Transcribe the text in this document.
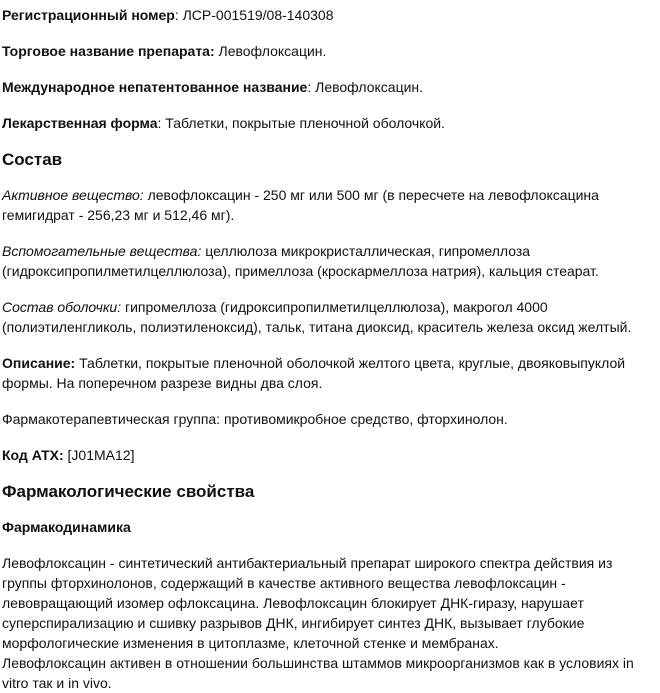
Регистрационный номер: ЛСР-001519/08-140308

Торговое название препарата: Левофлоксацин.

Международное непатентованное название: Левофлоксацин.

Лекарственная форма: Таблетки, покрытые пленочной оболочкой.

Состав

Активное вещество: левофлоксацин - 250 мг или 500 мг (в пересчете на левофлоксацина

гемигидрат - 256,23 мг и 512,46 мг).

Вспомогательные вещества: целлюлоза микрокристаллическая, гипромеллоза

(гидроксипропилметилцеллюлоза), примеллоза (кроскармеллоза натрия), кальция стеарат.

Состав оболочки: гипромеллоза (гидроксипропилметилцеллюлоза), макрогол 4000

(полиэтиленгликоль, полиэтиленоксид), тальк, титана диоксид, краситель железа оксид желтый.

Описание: Таблетки, покрытые пленочной оболочкой желтого цвета, круглые, двояковыпуклой

формы. На поперечном разрезе видны два слоя.

Фармакотерапевтическая группа: противомикробное средство, фторхинолон.

Код АТХ: [J01MA12]

Фармакологические свойства
Фармакодинамика

Левофлоксацин - синтетический антибактериальный препарат широкого спектра действия из

группы фторхинолонов, содержащий в качестве активного вещества левофлоксацин -

левовращающий изомер офлоксацина. Левофлоксацин блокирует ДНК-гиразу, нарушает

суперспирализацию и сшивку разрывов ДНК, ингибирует синтез ДНК, вызывает глубокие

морфологические изменения в цитоплазме, клеточной стенке и мембранах.

Левофлоксацин активен в отношении большинства штаммов микроорганизмов как в условиях in

vitro так и in vivo.
